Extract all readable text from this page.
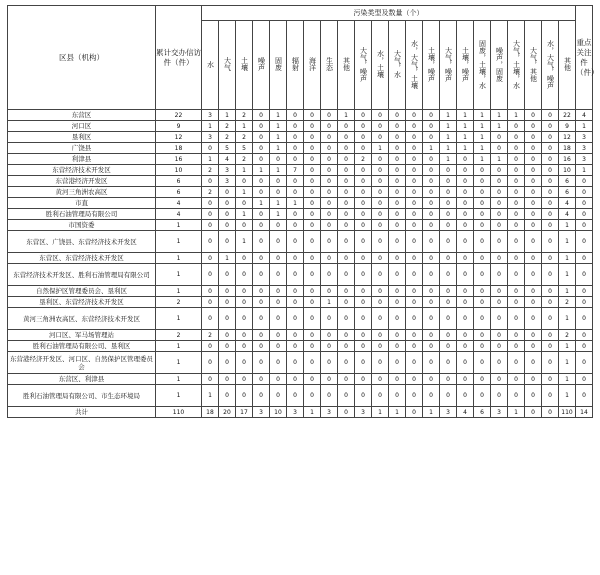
区县（机构）	累计交办信访件（件）	污染类型及数量（个）																						重点关注件（件）
		水	大气	土壤	噪声	固废	辐射	海洋	生态	其他	大气，噪声	水，土壤	大气，水	水，大气，土壤	土壤，噪声	大气，噪声	土壤，噪声	固废，土壤，水	噪声，固废	大气，土壤，水	大气，其他	水，大气，噪声	其他	
东营区	22	3	1	2	0	1	0	0	0	1	0	0	0	0	0	1	1	1	1	1	0	0	22	4
河口区	9	1	2	1	0	1	0	0	0	0	0	0	0	0	0	1	1	1	1	0	0	0	9	1
垦利区	12	3	2	2	0	1	0	0	0	0	0	0	0	0	0	1	1	1	0	0	0	0	12	3
广饶县	18	0	5	5	0	1	0	0	0	0	0	1	0	0	1	1	1	1	0	0	0	0	18	3
利津县	16	1	4	2	0	0	0	0	0	0	2	0	0	0	0	1	0	1	1	0	0	0	16	3
东营经济技术开发区	10	2	3	1	1	1	7	0	0	0	0	0	0	0	0	0	0	0	0	0	0	0	10	1
东营港经济开发区	6	0	3	0	0	0	0	0	0	0	0	0	0	0	0	0	0	0	0	0	0	0	6	0
黄河三角洲农高区	6	2	0	1	0	0	0	0	0	0	0	0	0	0	0	0	0	0	0	0	0	0	6	0
市直	4	0	0	0	1	1	1	0	0	0	0	0	0	0	0	0	0	0	0	0	0	0	4	0
胜利石油管理局有限公司	4	0	0	1	0	1	0	0	0	0	0	0	0	0	0	0	0	0	0	0	0	0	4	0
市国资委	1	0	0	0	0	0	0	0	0	0	0	0	0	0	0	0	0	0	0	0	0	0	1	0
东营区、广饶县、东营经济技术开发区	1	0	0	1	0	0	0	0	0	0	0	0	0	0	0	0	0	0	0	0	0	0	1	0
东营区、东营经济技术开发区	1	0	1	0	0	0	0	0	0	0	0	0	0	0	0	0	0	0	0	0	0	0	1	0
东营经济技术开发区、胜利石油管理局有限公司	1	0	0	0	0	0	0	0	0	0	0	0	0	0	0	0	0	0	0	0	0	0	1	0
自然保护区管理委员会、垦利区	1	0	0	0	0	0	0	0	0	0	0	0	0	0	0	0	0	0	0	0	0	0	1	0
垦利区、东营经济技术开发区	2	0	0	0	0	0	0	0	1	0	0	0	0	0	0	0	0	0	0	0	0	0	2	0
黄河三角洲农高区、东营经济技术开发区	1	0	0	0	0	0	0	0	0	0	0	0	0	0	0	0	0	0	0	0	0	0	1	0
河口区、军马场管理站	2	2	0	0	0	0	0	0	0	0	0	0	0	0	0	0	0	0	0	0	0	0	2	0
胜利石油管理局有限公司、垦利区	1	0	0	0	0	0	0	0	0	0	0	0	0	0	0	0	0	0	0	0	0	0	1	0
东营港经济开发区、河口区、自然保护区管理委员会	1	0	0	0	0	0	0	0	0	0	0	0	0	0	0	0	0	0	0	0	0	0	1	0
东营区、利津县	1	0	0	0	0	0	0	0	0	0	0	0	0	0	0	0	0	0	0	0	0	0	1	0
胜利石油管理局有限公司、市生态环境局	1	1	0	0	0	0	0	0	0	0	0	0	0	0	0	0	0	0	0	0	0	0	1	0
共计	110	18	20	17	3	10	3	1	3	0	3	1	1	0	1	3	4	6	3	1	0	0	110	14
